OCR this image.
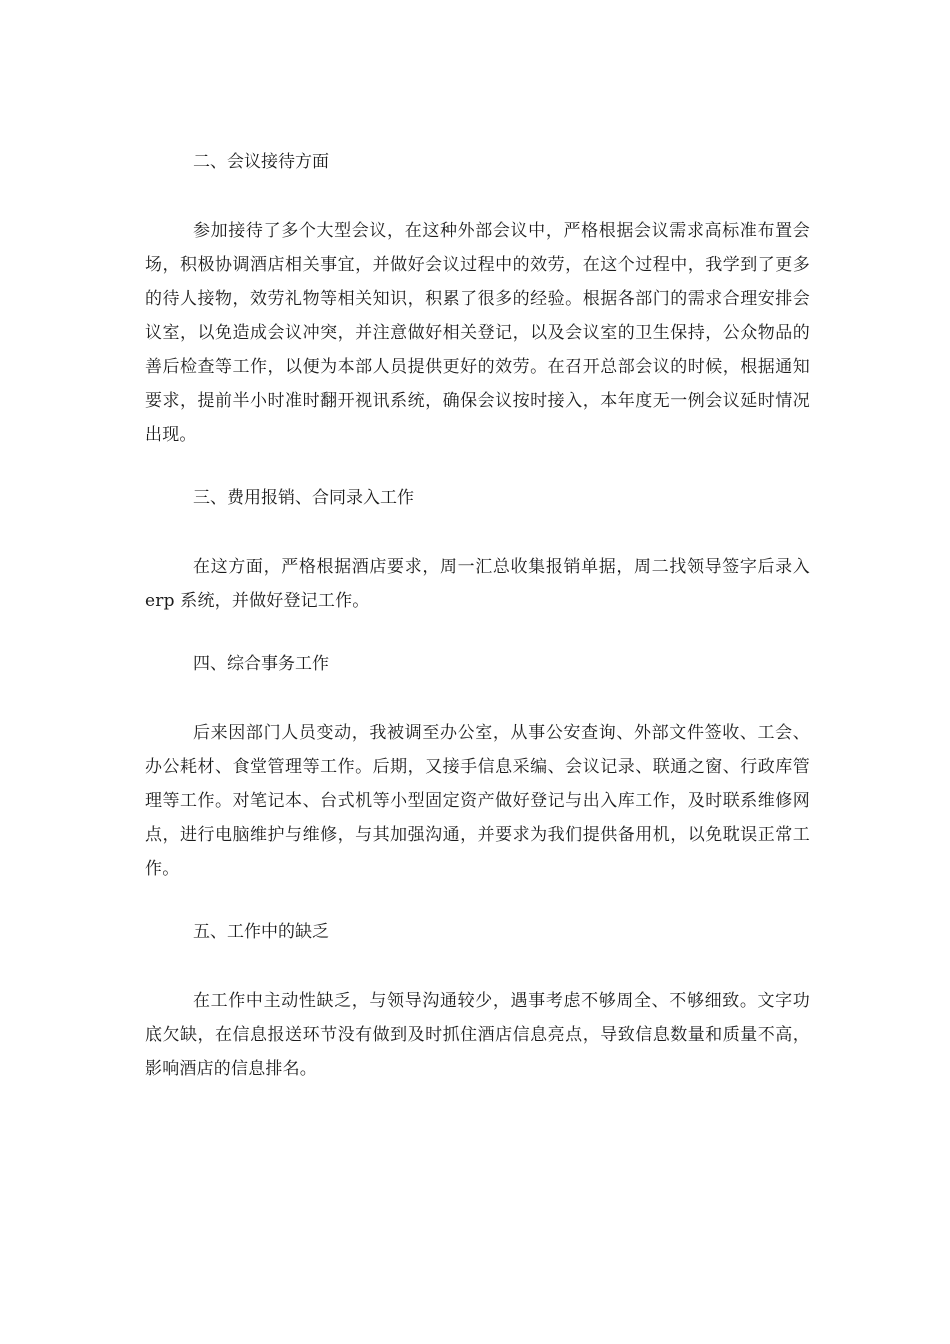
二、会议接待方面

参加接待了多个大型会议，在这种外部会议中，严格根据会议需求高标准布置会场，积极协调酒店相关事宜，并做好会议过程中的效劳，在这个过程中，我学到了更多的待人接物，效劳礼物等相关知识，积累了很多的经验。根据各部门的需求合理安排会议室，以免造成会议冲突，并注意做好相关登记，以及会议室的卫生保持，公众物品的善后检查等工作，以便为本部人员提供更好的效劳。在召开总部会议的时候，根据通知要求，提前半小时准时翻开视讯系统，确保会议按时接入，本年度无一例会议延时情况出现。

三、费用报销、合同录入工作

在这方面，严格根据酒店要求，周一汇总收集报销单据，周二找领导签字后录入 erp 系统，并做好登记工作。

四、综合事务工作

后来因部门人员变动，我被调至办公室，从事公安查询、外部文件签收、工会、办公耗材、食堂管理等工作。后期，又接手信息采编、会议记录、联通之窗、行政库管理等工作。对笔记本、台式机等小型固定资产做好登记与出入库工作，及时联系维修网点，进行电脑维护与维修，与其加强沟通，并要求为我们提供备用机，以免耽误正常工作。

五、工作中的缺乏

在工作中主动性缺乏，与领导沟通较少，遇事考虑不够周全、不够细致。文字功底欠缺，在信息报送环节没有做到及时抓住酒店信息亮点，导致信息数量和质量不高，影响酒店的信息排名。
